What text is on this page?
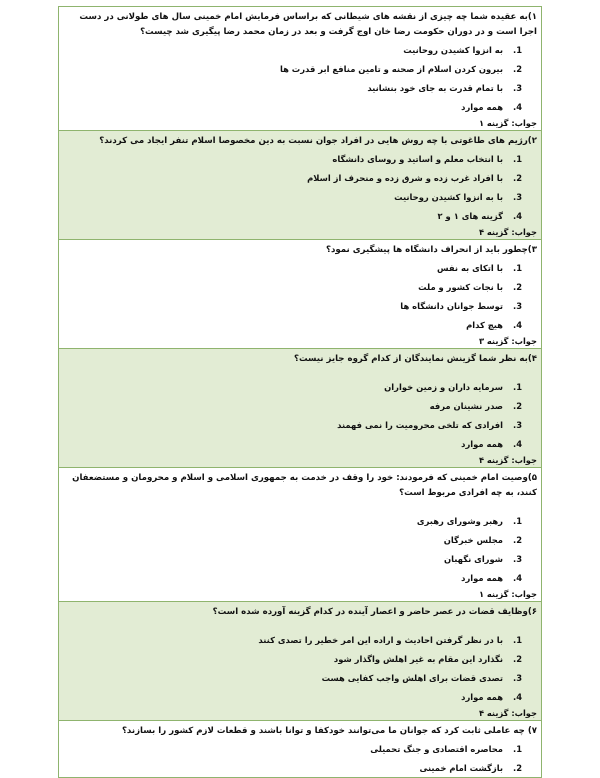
۱)به عقیده شما چه چیزی از نقشه های شیطانی که براساس فرمایش امام خمینی سال های طولانی در دست اجرا است و در دوران حکومت رضا خان اوج گرفت و بعد در زمان محمد رضا پیگیری شد چیست؟
1.
به انزوا کشیدن روحانیت
2.
بیرون کردن اسلام از صحنه و تامین منافع ابر قدرت ها
3.
با تمام قدرت به جای خود بنشانید
4.
همه موارد
جواب: گزینه ۱
۲)رژیم های طاغوتی با چه روش هایی در افراد جوان نسبت به دین مخصوصا اسلام تنفر ایجاد می کردند؟
1.
با انتخاب معلم و اساتید و روسای دانشگاه
2.
با افراد غرب زده و شرق زده و منحرف از اسلام
3.
با به انزوا کشیدن روحانیت
4.
گزینه های ۱ و ۲
جواب: گزینه ۴
۳)چطور باید از انحراف دانشگاه ها پیشگیری نمود؟
1.
با اتکای به نفس
2.
با نجات کشور و ملت
3.
توسط جوانان دانشگاه ها
4.
هیچ کدام
جواب: گزینه ۳
۴)به نظر شما گزینش نمایندگان از کدام گروه جایز نیست؟
1.
سرمایه داران و زمین خواران
2.
صدر نشینان مرفه
3.
افرادی که تلخی محرومیت را نمی فهمند
4.
همه موارد
جواب: گزینه ۴
۵)وصیت امام خمینی که فرمودند: خود را وقف در خدمت به جمهوری اسلامی و اسلام و محرومان و مستضعفان کنند، به چه افرادی مربوط است؟
1.
رهبر وشورای رهبری
2.
مجلس خبرگان
3.
شورای نگهبان
4.
همه موارد
جواب: گزینه ۱
۶)وظایف قضات در عصر حاضر و اعصار آینده در کدام گزینه آورده شده است؟
1.
با در نظر گرفتن احادیث و اراده این امر خطیر را تصدی کنند
2.
نگذارد این مقام به غیر اهلش واگذار شود
3.
تصدی قضات برای اهلش واجب کفایی هست
4.
همه موارد
جواب: گزینه ۴
۷) چه عاملی ثابت کرد که جوانان ما می‌توانند خودکفا و توانا باشند و قطعات لازم کشور را بسازند؟
1.
محاصره اقتصادی و جنگ تحمیلی
2.
بازگشت امام خمینی
